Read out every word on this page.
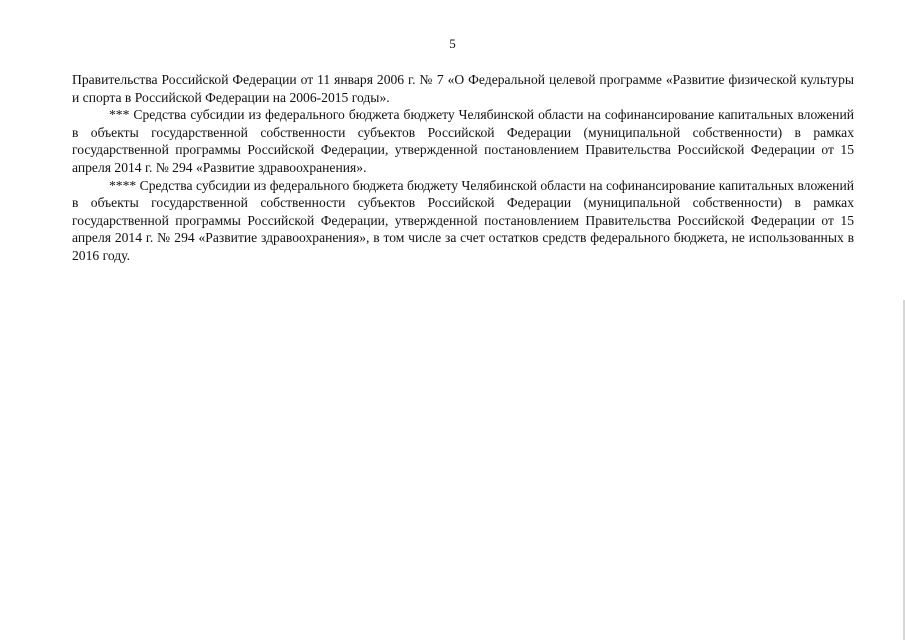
5

Правительства Российской Федерации от 11 января 2006 г. № 7 «О Федеральной целевой программе «Развитие физической культуры и спорта в Российской Федерации на 2006-2015 годы».

*** Средства субсидии из федерального бюджета бюджету Челябинской области на софинансирование капитальных вложений в объекты государственной собственности субъектов Российской Федерации (муниципальной собственности) в рамках государственной программы Российской Федерации, утвержденной постановлением Правительства Российской Федерации от 15 апреля 2014 г. № 294 «Развитие здравоохранения».

**** Средства субсидии из федерального бюджета бюджету Челябинской области на софинансирование капитальных вложений в объекты государственной собственности субъектов Российской Федерации (муниципальной собственности) в рамках государственной программы Российской Федерации, утвержденной постановлением Правительства Российской Федерации от 15 апреля 2014 г. № 294 «Развитие здравоохранения», в том числе за счет остатков средств федерального бюджета, не использованных в 2016 году.
